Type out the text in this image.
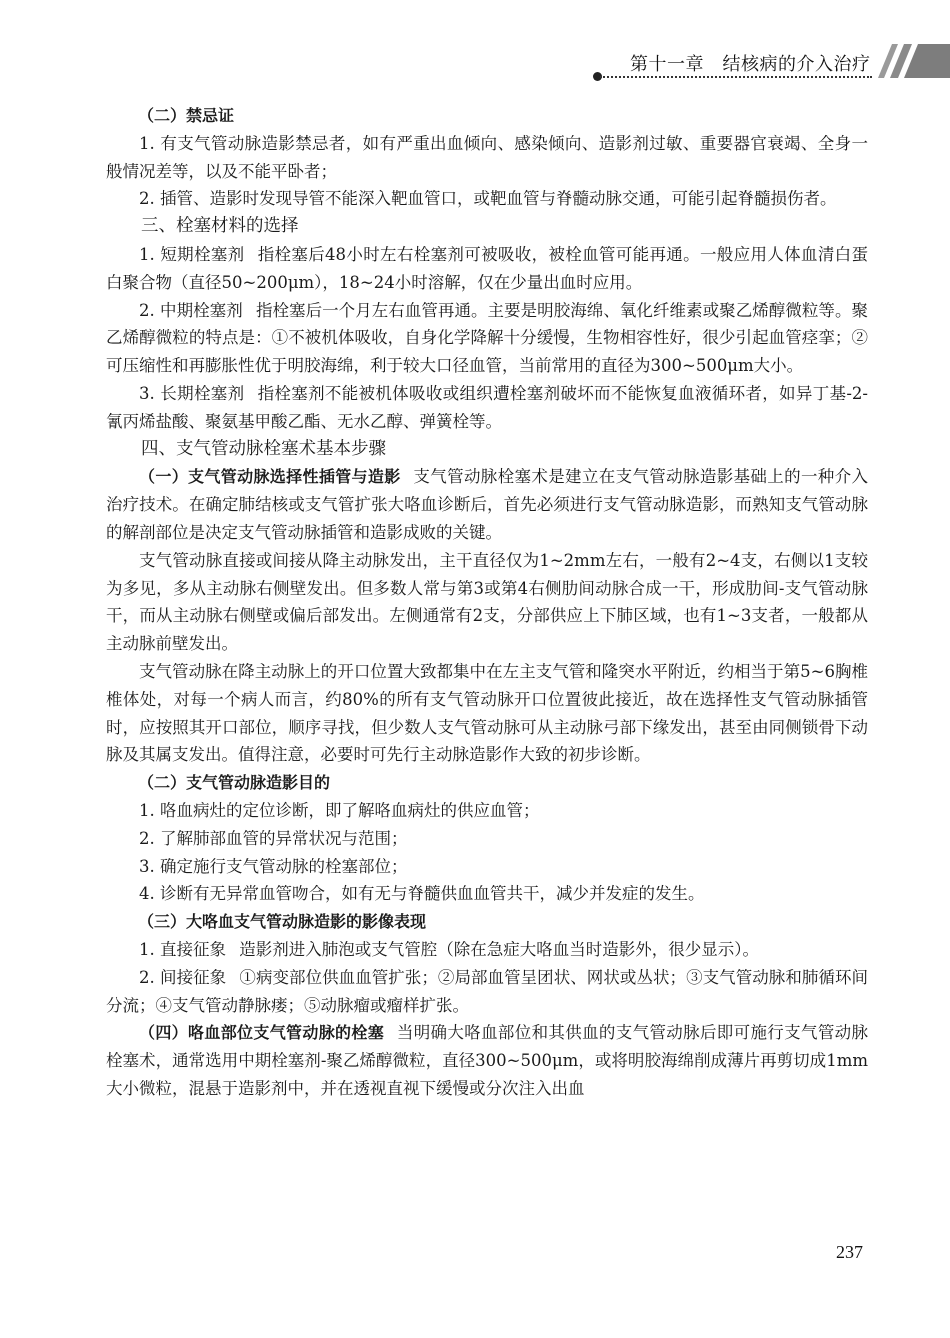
第十一章　结核病的介入治疗

（二）禁忌证

1. 有支气管动脉造影禁忌者，如有严重出血倾向、感染倾向、造影剂过敏、重要器官衰竭、全身一般情况差等，以及不能平卧者；

2. 插管、造影时发现导管不能深入靶血管口，或靶血管与脊髓动脉交通，可能引起脊髓损伤者。

三、栓塞材料的选择

1. 短期栓塞剂 指栓塞后48小时左右栓塞剂可被吸收，被栓血管可能再通。一般应用人体血清白蛋白聚合物（直径50~200μm），18~24小时溶解，仅在少量出血时应用。

2. 中期栓塞剂 指栓塞后一个月左右血管再通。主要是明胶海绵、氧化纤维素或聚乙烯醇微粒等。聚乙烯醇微粒的特点是：①不被机体吸收，自身化学降解十分缓慢，生物相容性好，很少引起血管痉挛；②可压缩性和再膨胀性优于明胶海绵，利于较大口径血管，当前常用的直径为300~500μm大小。

3. 长期栓塞剂 指栓塞剂不能被机体吸收或组织遭栓塞剂破坏而不能恢复血液循环者，如异丁基-2-氰丙烯盐酸、聚氨基甲酸乙酯、无水乙醇、弹簧栓等。

四、支气管动脉栓塞术基本步骤

（一）支气管动脉选择性插管与造影 支气管动脉栓塞术是建立在支气管动脉造影基础上的一种介入治疗技术。在确定肺结核或支气管扩张大咯血诊断后，首先必须进行支气管动脉造影，而熟知支气管动脉的解剖部位是决定支气管动脉插管和造影成败的关键。

支气管动脉直接或间接从降主动脉发出，主干直径仅为1~2mm左右，一般有2~4支，右侧以1支较为多见，多从主动脉右侧壁发出。但多数人常与第3或第4右侧肋间动脉合成一干，形成肋间-支气管动脉干，而从主动脉右侧壁或偏后部发出。左侧通常有2支，分部供应上下肺区域，也有1~3支者，一般都从主动脉前壁发出。

支气管动脉在降主动脉上的开口位置大致都集中在左主支气管和隆突水平附近，约相当于第5~6胸椎椎体处，对每一个病人而言，约80%的所有支气管动脉开口位置彼此接近，故在选择性支气管动脉插管时，应按照其开口部位，顺序寻找，但少数人支气管动脉可从主动脉弓部下缘发出，甚至由同侧锁骨下动脉及其属支发出。值得注意，必要时可先行主动脉造影作大致的初步诊断。

（二）支气管动脉造影目的

1. 咯血病灶的定位诊断，即了解咯血病灶的供应血管；

2. 了解肺部血管的异常状况与范围；

3. 确定施行支气管动脉的栓塞部位；

4. 诊断有无异常血管吻合，如有无与脊髓供血血管共干，减少并发症的发生。

（三）大咯血支气管动脉造影的影像表现

1. 直接征象 造影剂进入肺泡或支气管腔（除在急症大咯血当时造影外，很少显示）。

2. 间接征象 ①病变部位供血血管扩张；②局部血管呈团状、网状或丛状；③支气管动脉和肺循环间分流；④支气管动静脉瘘；⑤动脉瘤或瘤样扩张。

（四）咯血部位支气管动脉的栓塞 当明确大咯血部位和其供血的支气管动脉后即可施行支气管动脉栓塞术，通常选用中期栓塞剂-聚乙烯醇微粒，直径300~500μm，或将明胶海绵削成薄片再剪切成1mm大小微粒，混悬于造影剂中，并在透视直视下缓慢或分次注入出血

237
